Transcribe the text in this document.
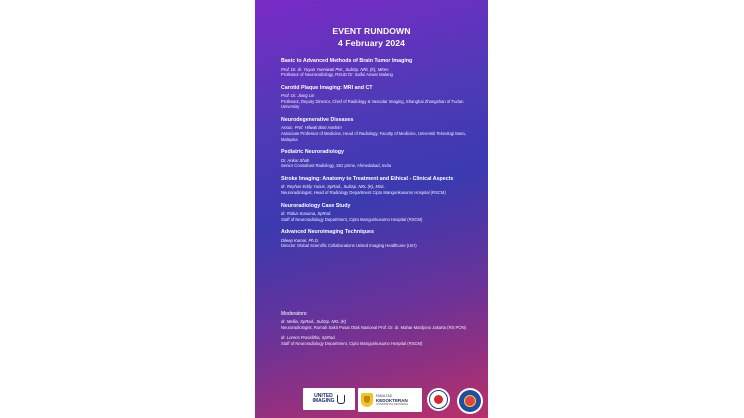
EVENT RUNDOWN
4 February 2024
Basic to Advanced Methods of Brain Tumor Imaging
Prof. Dr. dr. Yuyun Yueniwati PW., SubSp. NRL (K), MKes
Professor of Neuroradiology, RSUD Dr. Saiful Anwar Malang
Carotid Plaque Imaging: MRI and CT
Prof. Dr. Jiang Lin
Professor, Deputy Director, Chief of Radiology & Vascular Imaging, Shanghai Zhongshan of Fudan University
Neurodegenerative Diseases
Assoc. Prof. Hilwati Binti Hashim
Associate Professor of Medicine, Head of Radiology, Faculty of Medicine, Universiti Teknologi Mara, Malaysia
Pediatric Neuroradiology
Dr. Ankur Shah
Senior Consultant Radiology, SIG prime, Ahmedabad, India
Stroke Imaging: Anatomy to Treatment and Ethical - Clinical Aspects
dr. Reyhan Eddy Yunus, SpRad., SubSp. NKL (K), MSc.
Neuroradiologist, Head of Radiology Department Cipto Mangunkusumo Hospital (RSCM)
Neuroradiology Case Study
dr. Ridius Kusuma, SpRad.
Staff of Neuroradiology Department, Cipto Mangunkusumo Hospital (RSCM)
Advanced Neuroimaging Techniques
Dileep Kumar, Ph.D.
Director Global Scientific Collaborations United Imaging Healthcare (UIH)
Moderators:
dr. Mellia, SpRad., SubSp. NKL (K)
Neuroradiologist, Rumah Sakit Pusat Otak Nasional Prof. Dr. dr. Mahar Mardjono Jakarta (RS PON)
dr. Lorens Prasiditha, SpRad.
Staff of Neuroradiology Department, Cipto Mangunkusumo Hospital (RSCM)
UNITED
IMAGING
FAKULTAS
KEDOKTERAN
UNIVERSITAS INDONESIA
